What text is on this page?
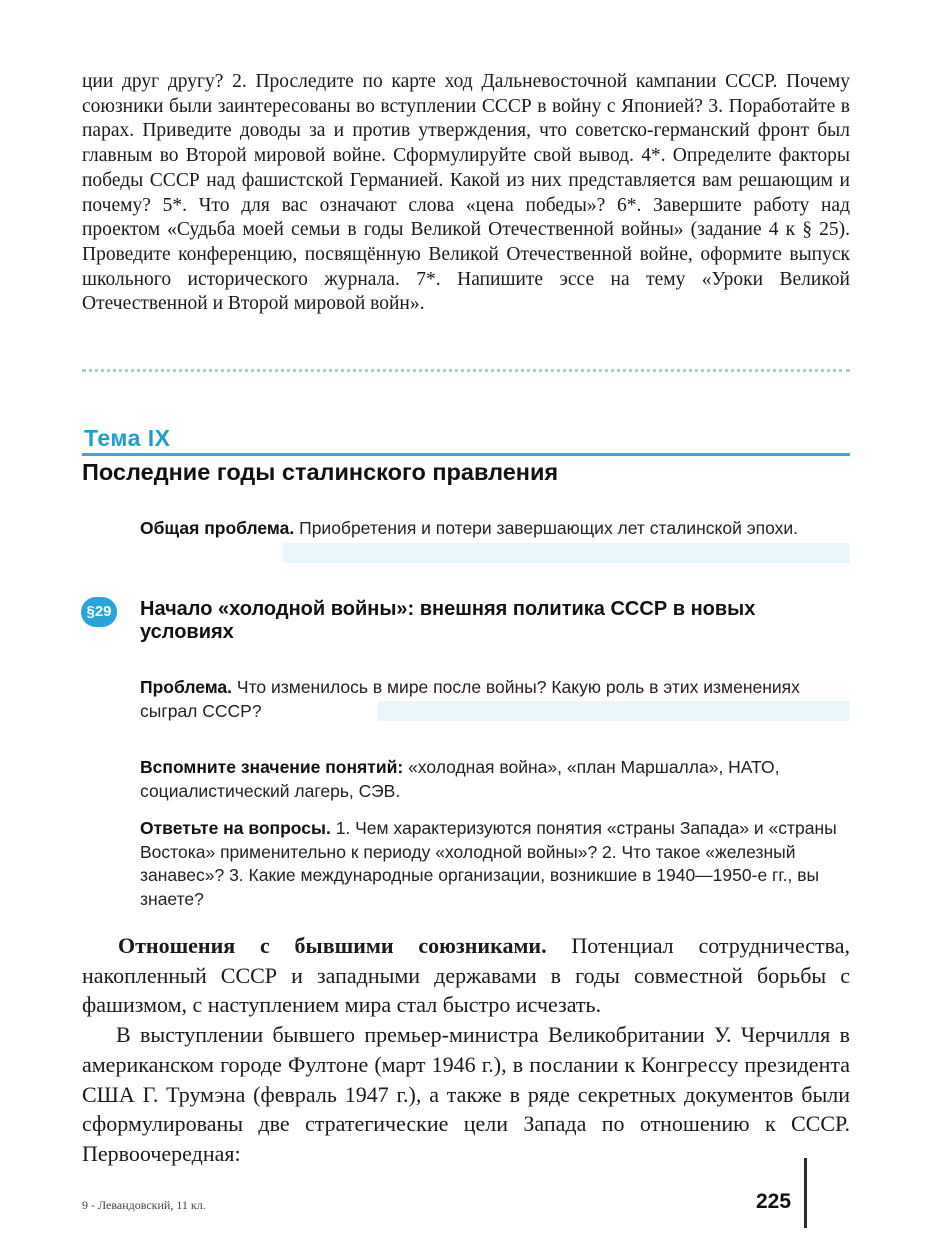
ции друг другу? 2. Проследите по карте ход Дальневосточной кампании СССР. Почему союзники были заинтересованы во вступлении СССР в войну с Японией? 3. Поработайте в парах. Приведите доводы за и против утверждения, что советско-германский фронт был главным во Второй мировой войне. Сформулируйте свой вывод. 4*. Определите факторы победы СССР над фашистской Германией. Какой из них представляется вам решающим и почему? 5*. Что для вас означают слова «цена победы»? 6*. Завершите работу над проектом «Судьба моей семьи в годы Великой Отечественной войны» (задание 4 к § 25). Проведите конференцию, посвящённую Великой Отечественной войне, оформите выпуск школьного исторического журнала. 7*. Напишите эссе на тему «Уроки Великой Отечественной и Второй мировой войн».

Тема IX
Последние годы сталинского правления

Общая проблема. Приобретения и потери завершающих лет сталинской эпохи.

§29 Начало «холодной войны»: внешняя политика СССР в новых условиях

Проблема. Что изменилось в мире после войны? Какую роль в этих изменениях сыграл СССР?

Вспомните значение понятий: «холодная война», «план Маршалла», НАТО, социалистический лагерь, СЭВ.

Ответьте на вопросы. 1. Чем характеризуются понятия «страны Запада» и «страны Востока» применительно к периоду «холодной войны»? 2. Что такое «железный занавес»? 3. Какие международные организации, возникшие в 1940—1950-е гг., вы знаете?

Отношения с бывшими союзниками. Потенциал сотрудничества, накопленный СССР и западными державами в годы совместной борьбы с фашизмом, с наступлением мира стал быстро исчезать.

В выступлении бывшего премьер-министра Великобритании У. Черчилля в американском городе Фултоне (март 1946 г.), в послании к Конгрессу президента США Г. Трумэна (февраль 1947 г.), а также в ряде секретных документов были сформулированы две стратегические цели Запада по отношению к СССР. Первоочередная:

9 - Левандовский, 11 кл.	225
